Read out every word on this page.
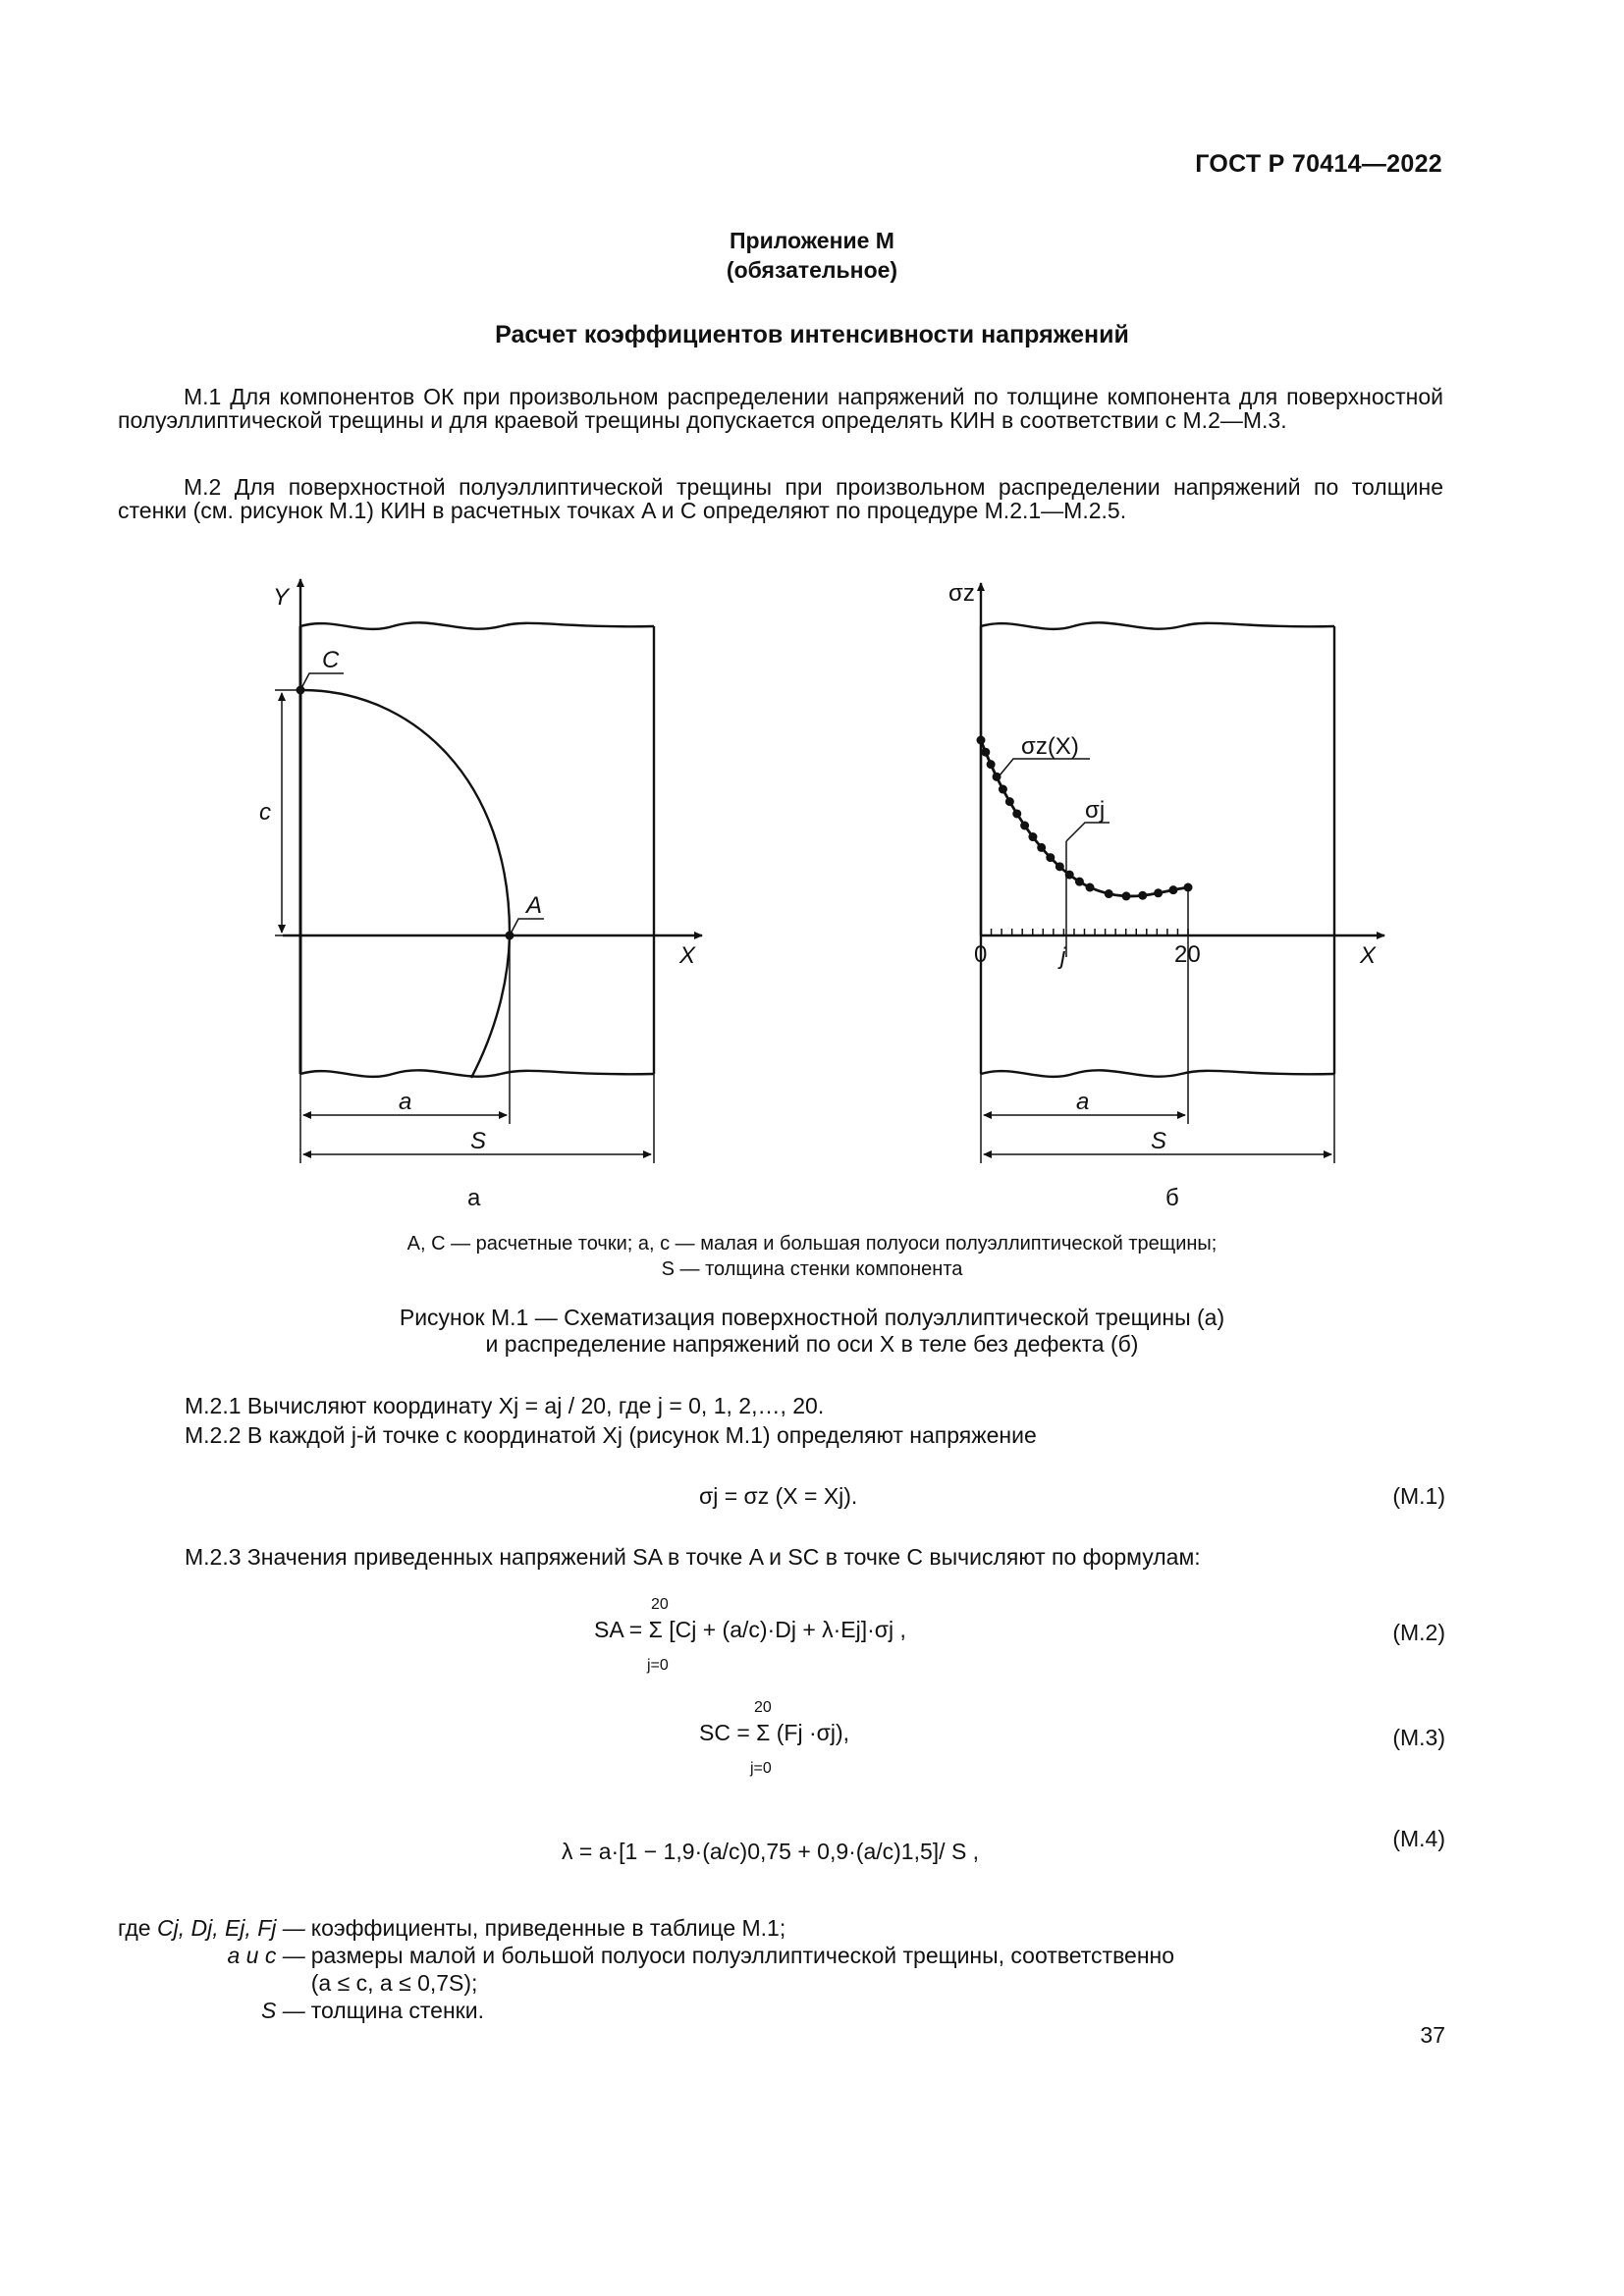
ГОСТ Р 70414—2022
Приложение М
(обязательное)
Расчет коэффициентов интенсивности напряжений

М.1 Для компонентов ОК при произвольном распределении напряжений по толщине компонента для поверхностной полуэллиптической трещины и для краевой трещины допускается определять КИН в соответствии с М.2—М.3.

М.2 Для поверхностной полуэллиптической трещины при произвольном распределении напряжений по толщине стенки (см. рисунок М.1) КИН в расчетных точках A и C определяют по процедуре М.2.1—М.2.5.

Y
C
c
A
X
a
S
а
σz
σz(X)
σj
0	j	20	X
a
S
б
A, C — расчетные точки; a, c — малая и большая полуоси полуэллиптической трещины;
S — толщина стенки компонента
Рисунок М.1 — Схематизация поверхностной полуэллиптической трещины (а)
и распределение напряжений по оси X в теле без дефекта (б)
М.2.1 Вычисляют координату Xj = aj / 20, где j = 0, 1, 2,…, 20.
М.2.2 В каждой j-й точке с координатой Xj (рисунок М.1) определяют напряжение
σj = σz (X = Xj).	(М.1)
М.2.3 Значения приведенных напряжений SA в точке A и SC в точке C вычисляют по формулам:
20
j=0
SA = Σ [Cj + (a/c)·Dj + λ·Ej]·σj ,	(М.2)
20
j=0
SC = Σ (Fj ·σj),	(М.3)
λ = a·[1 − 1,9·(a/c)0,75 + 0,9·(a/c)1,5]/ S ,	(М.4)
где Cj, Dj, Ej, Fj —	коэффициенты, приведенные в таблице М.1;
a и c —	размеры малой и большой полуоси полуэллиптической трещины, соответственно
(a ≤ c, a ≤ 0,7S);

S —	толщина стенки.
37
